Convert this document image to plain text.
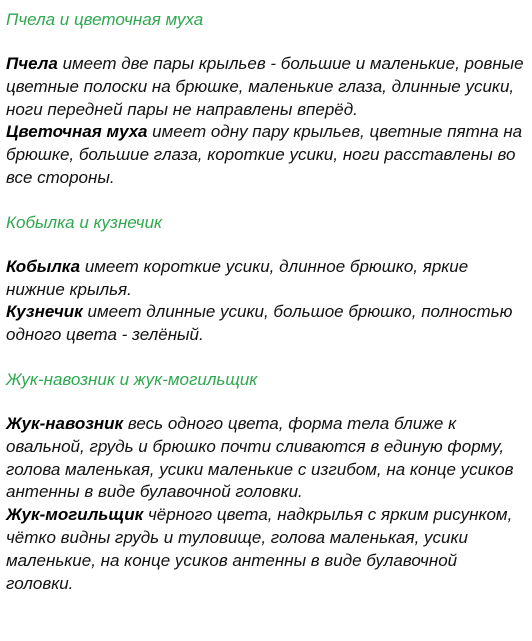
Пчела и цветочная муха

Пчела имеет две пары крыльев - большие и маленькие, ровные цветные полоски на брюшке, маленькие глаза, длинные усики, ноги передней пары не направлены вперёд.

Цветочная муха имеет одну пару крыльев, цветные пятна на брюшке, большие глаза, короткие усики, ноги расставлены во все стороны.

Кобылка и кузнечик

Кобылка имеет короткие усики, длинное брюшко, яркие нижние крылья.

Кузнечик имеет длинные усики, большое брюшко, полностью одного цвета - зелёный.

Жук-навозник и жук-могильщик

Жук-навозник весь одного цвета, форма тела ближе к овальной, грудь и брюшко почти сливаются в единую форму, голова маленькая, усики маленькие с изгибом, на конце усиков антенны в виде булавочной головки.

Жук-могильщик чёрного цвета, надкрылья с ярким рисунком, чётко видны грудь и туловище, голова маленькая, усики маленькие, на конце усиков антенны в виде булавочной головки.
